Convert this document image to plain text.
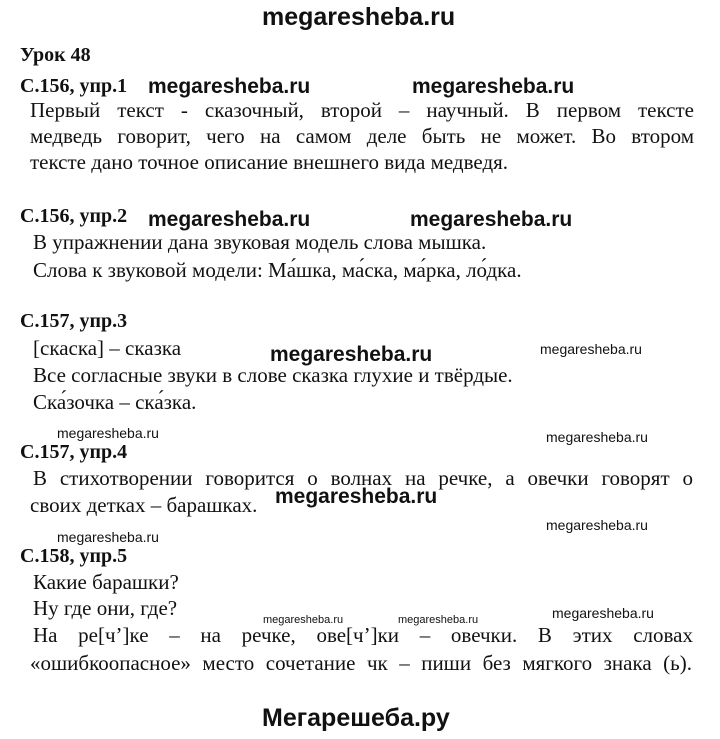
megaresheba.ru
Урок 48
С.156, упр.1
Первый текст - сказочный, второй – научный. В первом тексте
медведь говорит, чего на самом деле быть не может. Во втором
тексте дано точное описание внешнего вида медведя.
С.156, упр.2
В упражнении дана звуковая модель слова мышка.
Слова к звуковой модели: Ма́шка, ма́ска, ма́рка, ло́дка.
С.157, упр.3
[скаска] – сказка
Все согласные звуки в слове сказка глухие и твёрдые.
Ска́зочка – ска́зка.
С.157, упр.4
В стихотворении говорится о волнах на речке, а овечки говорят о
своих детках – барашках.
С.158, упр.5
Какие барашки?
Ну где они, где?
На ре[ч’]ке – на речке, ове[ч’]ки – овечки. В этих словах
«ошибкоопасное» место сочетание чк – пиши без мягкого знака (ь).
megaresheba.ru	megaresheba.ru
megaresheba.ru	megaresheba.ru
megaresheba.ru	megaresheba.ru
megaresheba.ru	megaresheba.ru
megaresheba.ru
megaresheba.ru
megaresheba.ru
megaresheba.ru	megaresheba.ru	megaresheba.ru
Мегарешеба.ру
